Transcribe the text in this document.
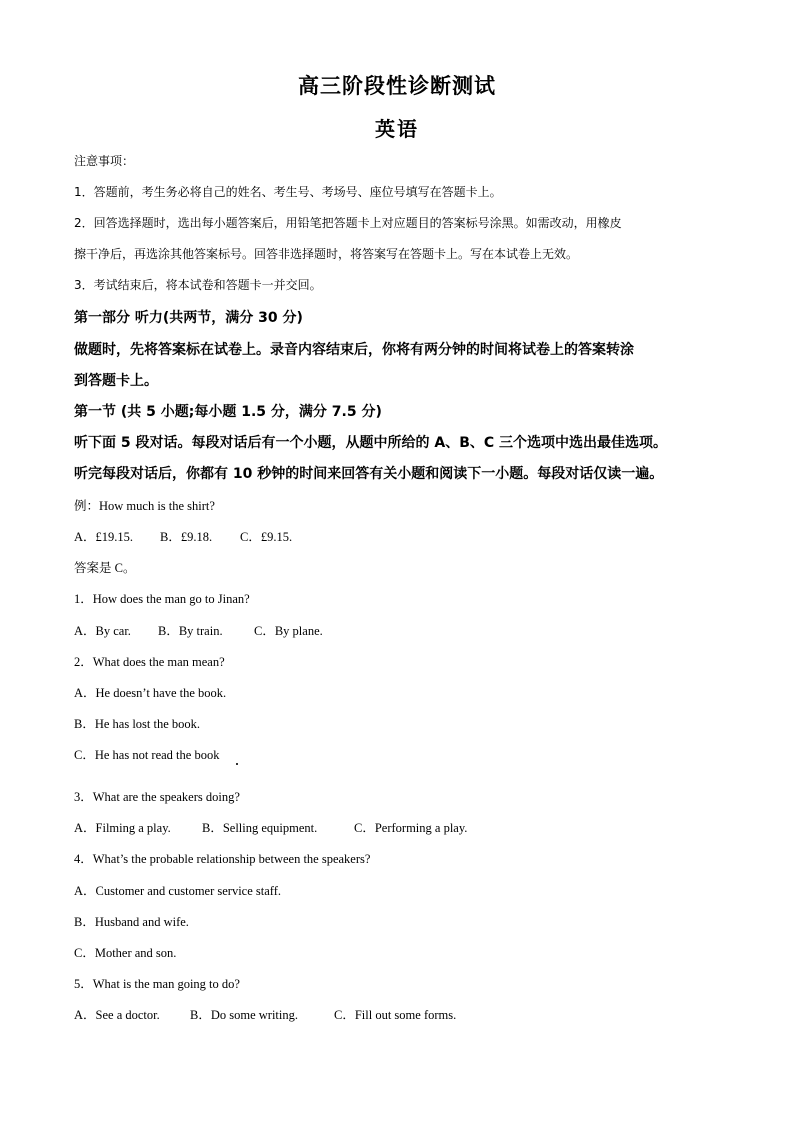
高三阶段性诊断测试
英语
注意事项：
1．答题前，考生务必将自己的姓名、考生号、考场号、座位号填写在答题卡上。
2．回答选择题时，选出每小题答案后，用铅笔把答题卡上对应题目的答案标号涂黑。如需改动，用橡皮
擦干净后，再选涂其他答案标号。回答非选择题时，将答案写在答题卡上。写在本试卷上无效。
3．考试结束后，将本试卷和答题卡一并交回。
第一部分 听力(共两节，满分 30 分)
做题时，先将答案标在试卷上。录音内容结束后，你将有两分钟的时间将试卷上的答案转涂
到答题卡上。
第一节 (共 5 小题;每小题 1.5 分，满分 7.5 分)
听下面 5 段对话。每段对话后有一个小题，从题中所给的 A、B、C 三个选项中选出最佳选项。
听完每段对话后，你都有 10 秒钟的时间来回答有关小题和阅读下一小题。每段对话仅读一遍。
例：How much is the shirt?
A．£19.15. B．£9.18. C．£9.15.
答案是 C。
1．How does the man go to Jinan?
A．By car. B．By train.	C．By plane.
2．What does the man mean?
A．He doesn’t have the book.
B．He has lost the book.
C．He has not read the book
3．What are the speakers doing?
A．Filming a play. B．Selling equipment.	C．Performing a play.
4．What’s the probable relationship between the speakers?
A．Customer and customer service staff.
B．Husband and wife.
C．Mother and son.
5．What is the man going to do?
A．See a doctor. B．Do some writing.	C．Fill out some forms.
